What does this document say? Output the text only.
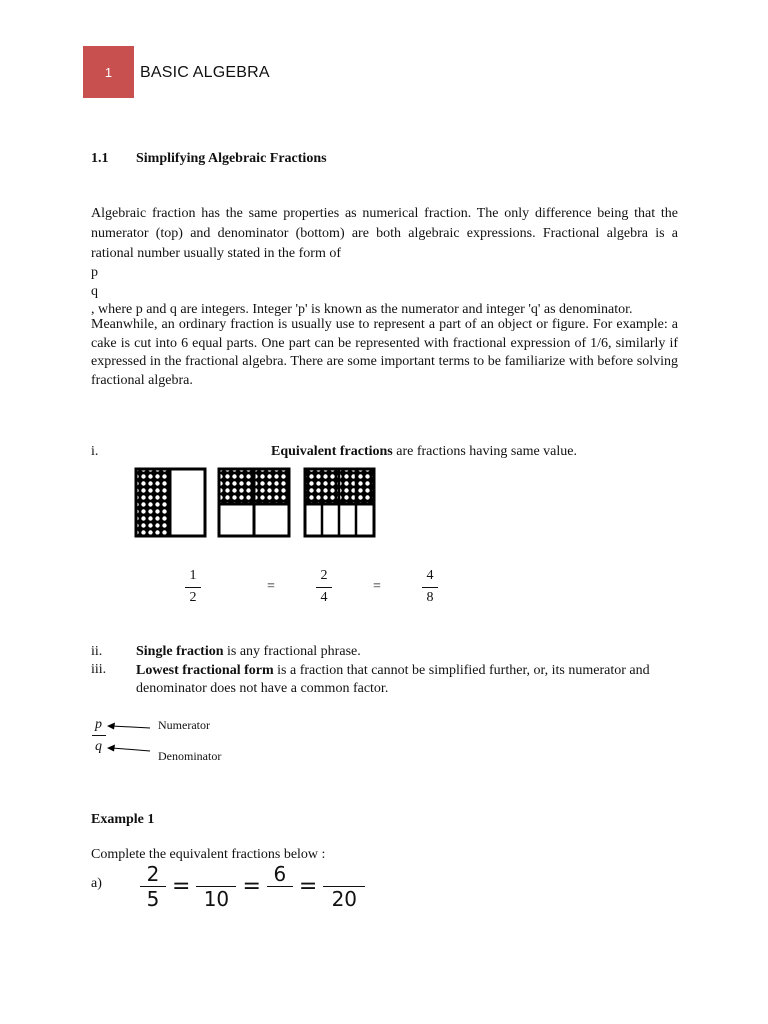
1 BASIC ALGEBRA
1.1 Simplifying Algebraic Fractions

Algebraic fraction has the same properties as numerical fraction. The only difference being that the numerator (top) and denominator (bottom) are both algebraic expressions. Fractional algebra is a rational number usually stated in the form of

p
q
, where p and q are integers. Integer 'p' is known as the numerator and integer 'q' as denominator.

Meanwhile, an ordinary fraction is usually use to represent a part of an object or figure. For example: a cake is cut into 6 equal parts. One part can be represented with fractional expression of 1/6, similarly if expressed in the fractional algebra. There are some important terms to be familiarize with before solving fractional algebra.

i.	Equivalent fractions are fractions having same value.
1
2
=
2
4
=
4
8
ii. Single fraction is any fractional phrase.
iii. Lowest fractional form is a fraction that cannot be simplified further, or, its numerator and denominator does not have a common factor.
p
q
Numerator
Denominator
Example 1
Complete the equivalent fractions below :
$a) \frac{2}{5} = 10 = 6 = 20$
